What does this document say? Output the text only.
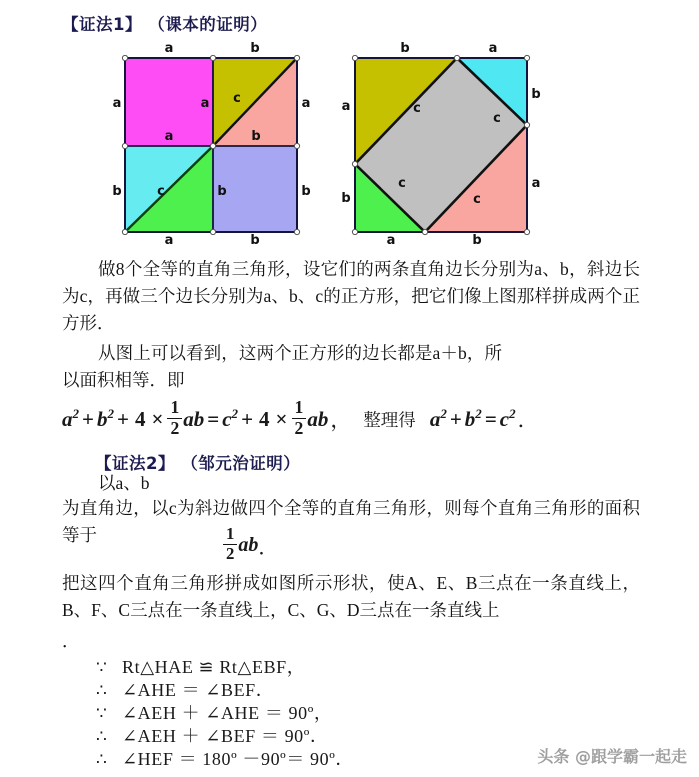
【证法1】 （课本的证明）
a	b
a	b
a
b
a
b
a
a	b
b
c
c
b	a
a	b
a
b
b
a
c
c
c
c
做8个全等的直角三角形，设它们的两条直角边长分别为a、b，斜边长为c，再做三个边长分别为a、b、c的正方形，把它们像上图那样拼成两个正方形．
从图上可以看到，这两个正方形的边长都是a＋b，所以面积相等．即
$a^2 + b^2 + 4 \times \frac{1}{2}$ ab = $c^2 + 4 \times \frac{1}{2}$ ab ， 整理得 $a^2 + b^2 = c^2$ ．
【证法2】 （邹元治证明）
以a、b
为直角边，以c为斜边做四个全等的直角三角形，则每个直角三角形的面积等于	$\frac{1}{2}$ ab ．
把这四个直角三角形拼成如图所示形状，使A、E、B三点在一条直线上，B、F、C三点在一条直线上，C、G、D三点在一条直线上
．
∵ Rt△HAE ≌ Rt△EBF，
∴ ∠AHE ＝ ∠BEF．
∵ ∠AEH ＋ ∠AHE ＝ 90º，
∴ ∠AEH ＋ ∠BEF ＝ 90º．
∴ ∠HEF ＝ 180º －90º＝ 90º．	头条 @跟学霸一起走
